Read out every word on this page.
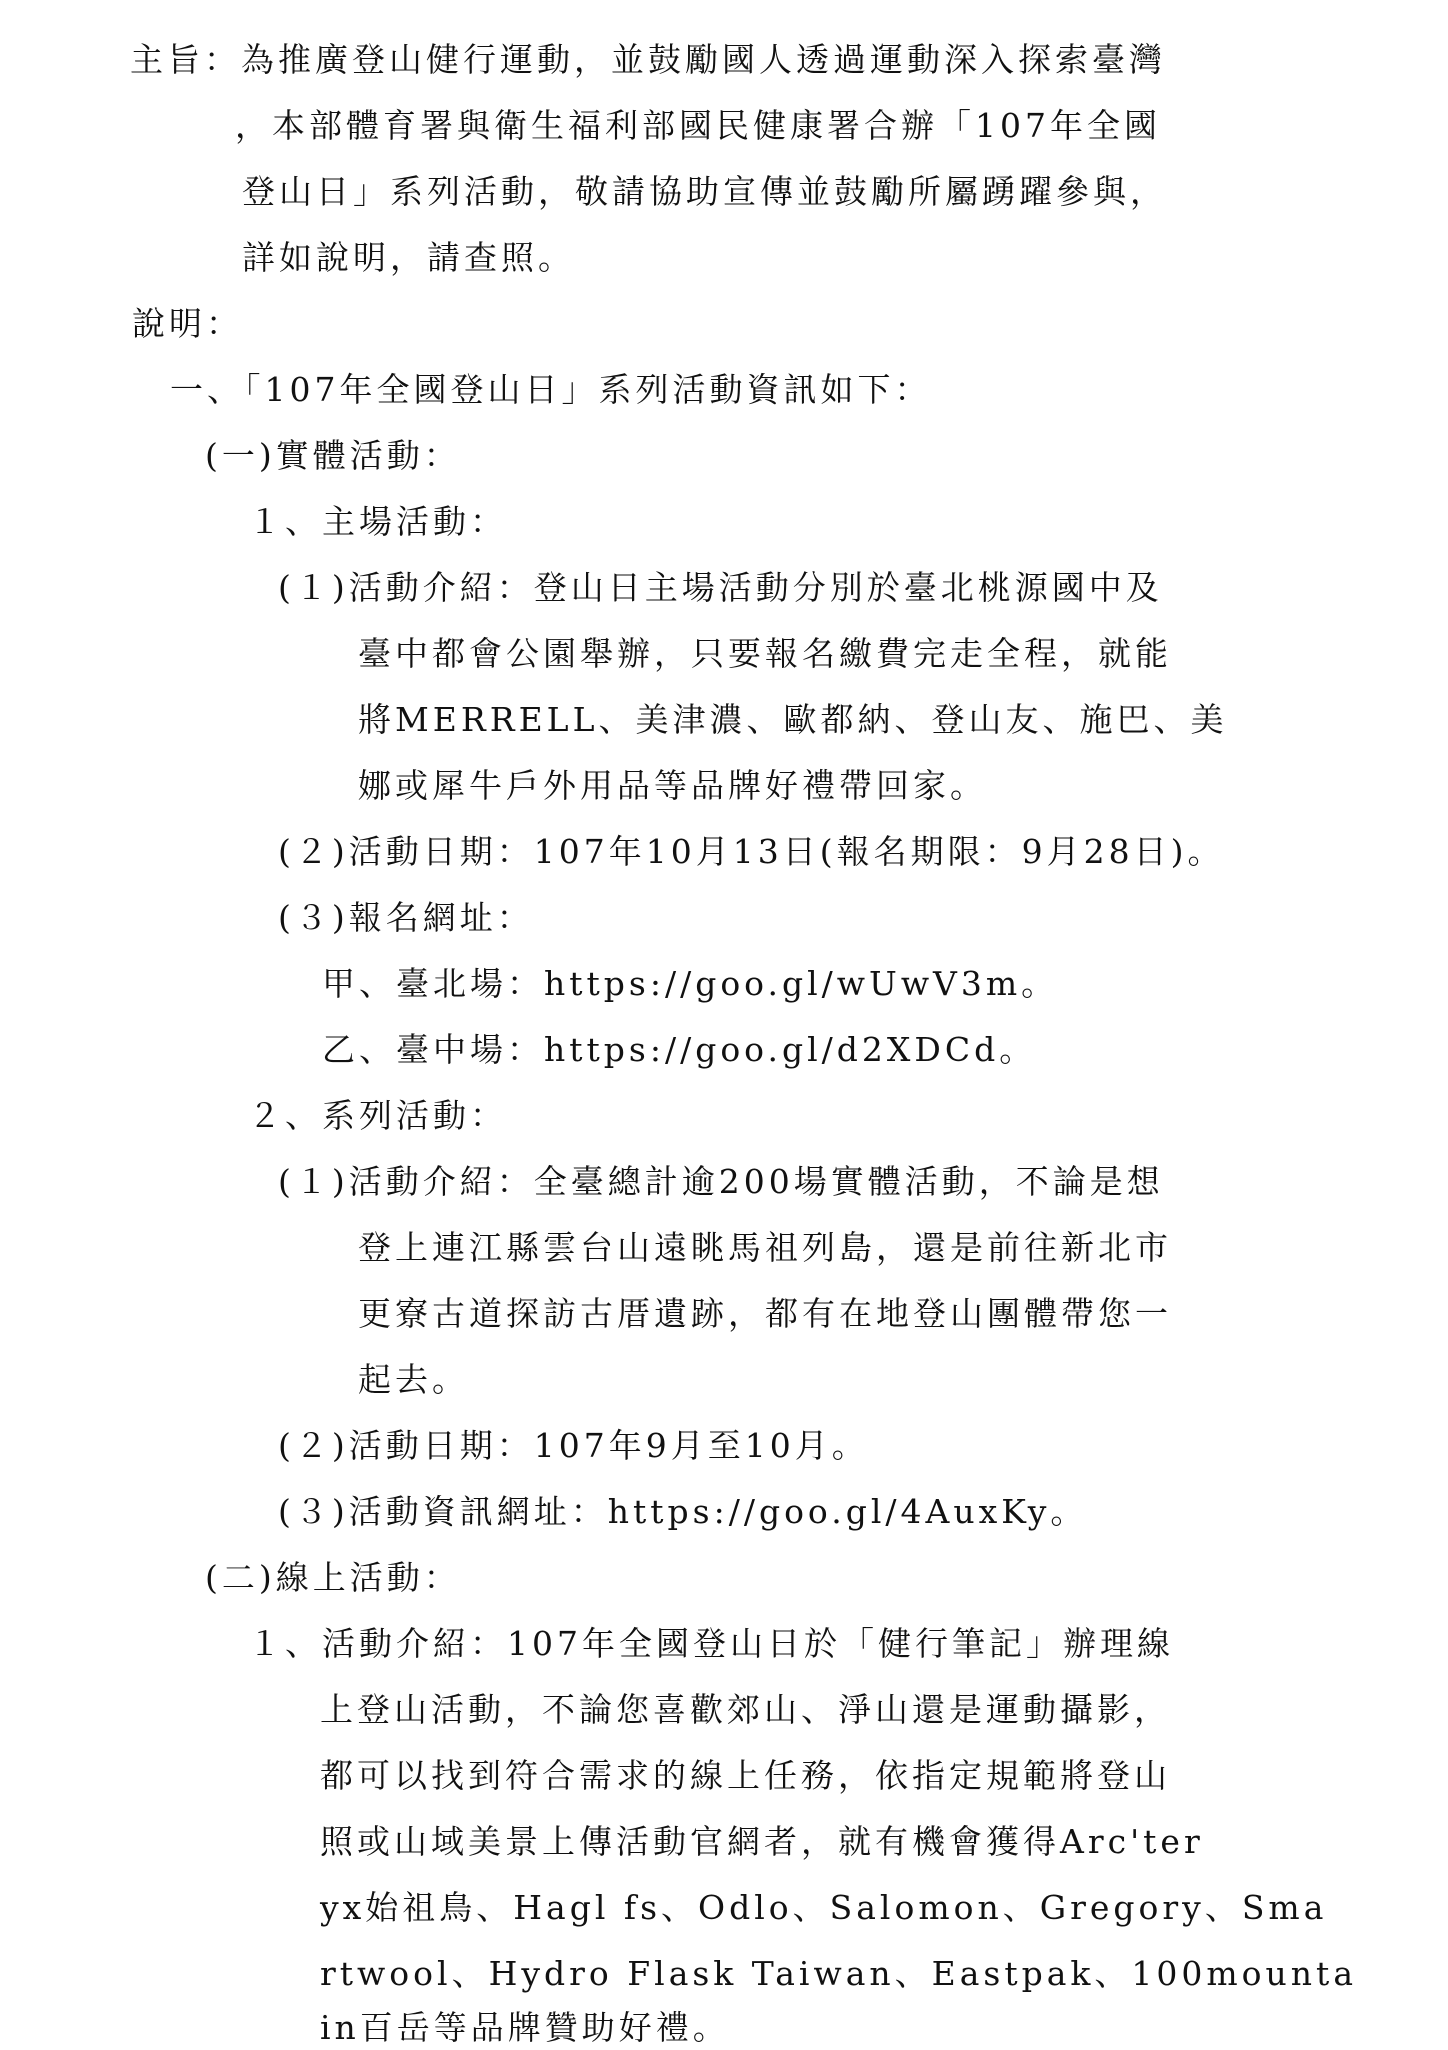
主旨：為推廣登山健行運動，並鼓勵國人透過運動深入探索臺灣
，本部體育署與衛生福利部國民健康署合辦「107年全國
登山日」系列活動，敬請協助宣傳並鼓勵所屬踴躍參與，
詳如說明，請查照。
說明：
一、「107年全國登山日」系列活動資訊如下：
(一)實體活動：
１、主場活動：
(１)活動介紹：登山日主場活動分別於臺北桃源國中及
臺中都會公園舉辦，只要報名繳費完走全程，就能
將MERRELL、美津濃、歐都納、登山友、施巴、美
娜或犀牛戶外用品等品牌好禮帶回家。
(２)活動日期：107年10月13日(報名期限：9月28日)。
(３)報名網址：
甲、臺北場：https://goo.gl/wUwV3m。
乙、臺中場：https://goo.gl/d2XDCd。
２、系列活動：
(１)活動介紹：全臺總計逾200場實體活動，不論是想
登上連江縣雲台山遠眺馬祖列島，還是前往新北市
更寮古道探訪古厝遺跡，都有在地登山團體帶您一
起去。
(２)活動日期：107年9月至10月。
(３)活動資訊網址：https://goo.gl/4AuxKy。
(二)線上活動：
１、活動介紹：107年全國登山日於「健行筆記」辦理線
上登山活動，不論您喜歡郊山、淨山還是運動攝影，
都可以找到符合需求的線上任務，依指定規範將登山
照或山域美景上傳活動官網者，就有機會獲得Arc'ter
yx始祖鳥、Hagl fs、Odlo、Salomon、Gregory、Sma
rtwool、Hydro Flask Taiwan、Eastpak、100mounta
in百岳等品牌贊助好禮。
